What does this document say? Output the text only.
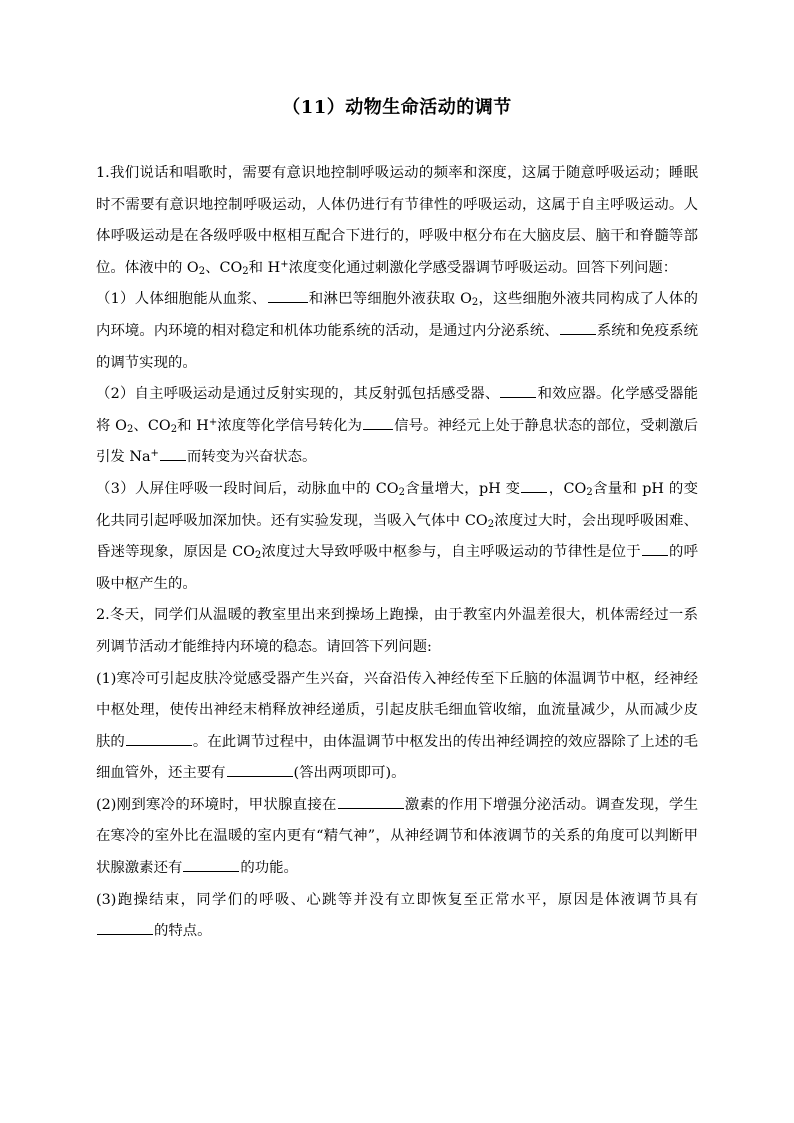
（11）动物生命活动的调节

1.我们说话和唱歌时，需要有意识地控制呼吸运动的频率和深度，这属于随意呼吸运动；睡眠时不需要有意识地控制呼吸运动，人体仍进行有节律性的呼吸运动，这属于自主呼吸运动。人体呼吸运动是在各级呼吸中枢相互配合下进行的，呼吸中枢分布在大脑皮层、脑干和脊髓等部位。体液中的 $O_2$、$CO_2$和 H+浓度变化通过刺激化学感受器调节呼吸运动。回答下列问题：

（1）人体细胞能从血浆、	和淋巴等细胞外液获取 $O_2$，这些细胞外液共同构成了人体的内环境。内环境的相对稳定和机体功能系统的活动，是通过内分泌系统、	系统和免疫系统的调节实现的。

（2）自主呼吸运动是通过反射实现的，其反射弧包括感受器、	和效应器。化学感受器能将 $O_2$、$CO_2$和 H+浓度等化学信号转化为 信号。神经元上处于静息状态的部位，受刺激后引发 Na+ 而转变为兴奋状态。

（3）人屏住呼吸一段时间后，动脉血中的 $CO_2$含量增大，pH 变 ，$CO_2$含量和 pH 的变化共同引起呼吸加深加快。还有实验发现，当吸入气体中 $CO_2$浓度过大时，会出现呼吸困难、昏迷等现象，原因是 $CO_2$浓度过大导致呼吸中枢参与，自主呼吸运动的节律性是位于 的呼吸中枢产生的。

2.冬天，同学们从温暖的教室里出来到操场上跑操，由于教室内外温差很大，机体需经过一系列调节活动才能维持内环境的稳态。请回答下列问题:

(1)寒冷可引起皮肤冷觉感受器产生兴奋，兴奋沿传入神经传至下丘脑的体温调节中枢，经神经中枢处理，使传出神经末梢释放神经递质，引起皮肤毛细血管收缩，血流量减少，从而减少皮肤的	。在此调节过程中，由体温调节中枢发出的传出神经调控的效应器除了上述的毛细血管外，还主要有	(答出两项即可)。

(2)刚到寒冷的环境时，甲状腺直接在	激素的作用下增强分泌活动。调查发现，学生在寒冷的室外比在温暖的室内更有“精气神”，从神经调节和体液调节的关系的角度可以判断甲状腺激素还有	的功能。

(3)跑操结束，同学们的呼吸、心跳等并没有立即恢复至正常水平，原因是体液调节具有的特点。
